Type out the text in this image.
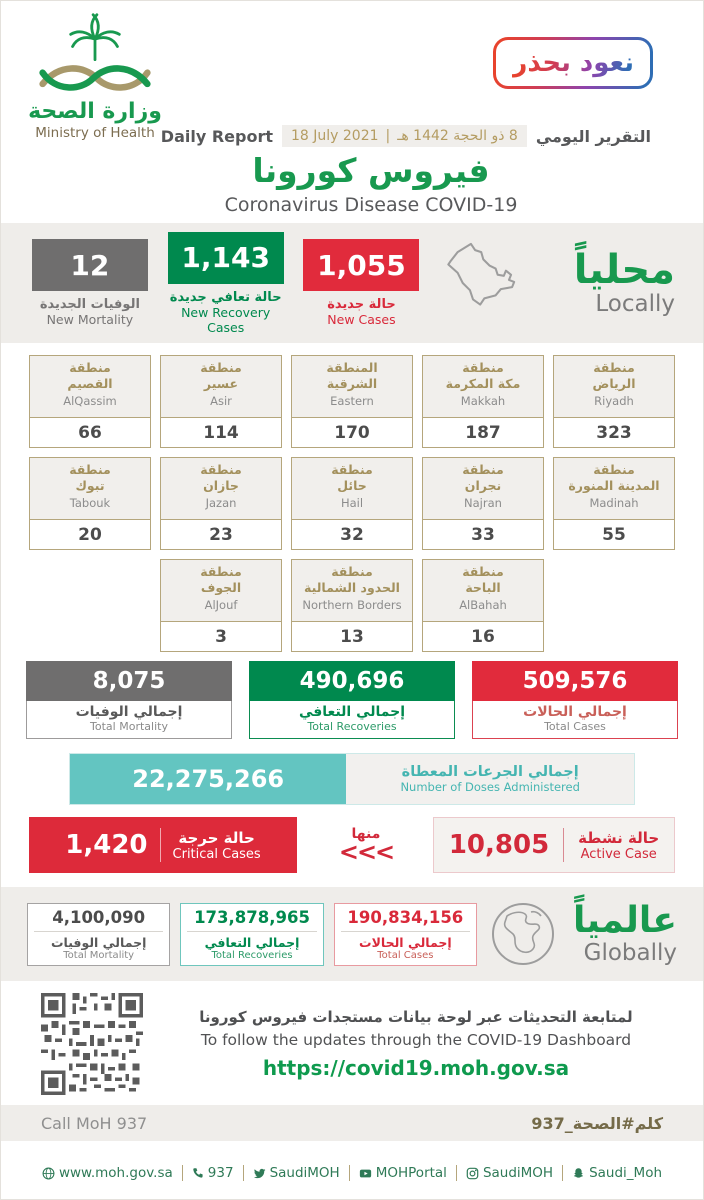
وزارة الصحة
Ministry of Health
نعود بحذر
Daily Report 18 July 2021 | 8 ذو الحجة 1442 هـ التقرير اليومي
فيروس كورونا
Coronavirus Disease COVID-19
12
الوفيات الجديدة
New Mortality
1,143
حالة تعافي جديدة
New Recovery Cases
1,055
حالة جديدة
New Cases
محلياً
Locally
منطقة
القصيم
AlQassim
66
منطقة
عسير
Asir
114
المنطقة
الشرقية
Eastern
170
منطقة
مكة المكرمة
Makkah
187
منطقة
الرياض
Riyadh
323
منطقة
تبوك
Tabouk
20
منطقة
جازان
Jazan
23
منطقة
حائل
Hail
32
منطقة
نجران
Najran
33
منطقة
المدينة المنورة
Madinah
55
منطقة
الجوف
AlJouf
3
منطقة
الحدود الشمالية
Northern Borders
13
منطقة
الباحة
AlBahah
16
8,075
إجمالي الوفيات
Total Mortality
490,696
إجمالي التعافي
Total Recoveries
509,576
إجمالي الحالات
Total Cases
22,275,266	إجمالي الجرعات المعطاة
Number of Doses Administered
1,420	حالة حرجة
Critical Cases
منها
<<<	10,805 حالة نشطة
Active Case
4,100,090
إجمالي الوفيات
Total Mortality
173,878,965
إجمالي التعافي
Total Recoveries
190,834,156
إجمالي الحالات
Total Cases
عالمياً
Globally
لمتابعة التحديثات عبر لوحة بيانات مستجدات فيروس كورونا
To follow the updates through the COVID-19 Dashboard
https://covid19.moh.gov.sa
Call MoH 937	كلم#الصحة_937
www.moh.gov.sa	937	SaudiMOH	MOHPortal	SaudiMOH	Saudi_Moh
